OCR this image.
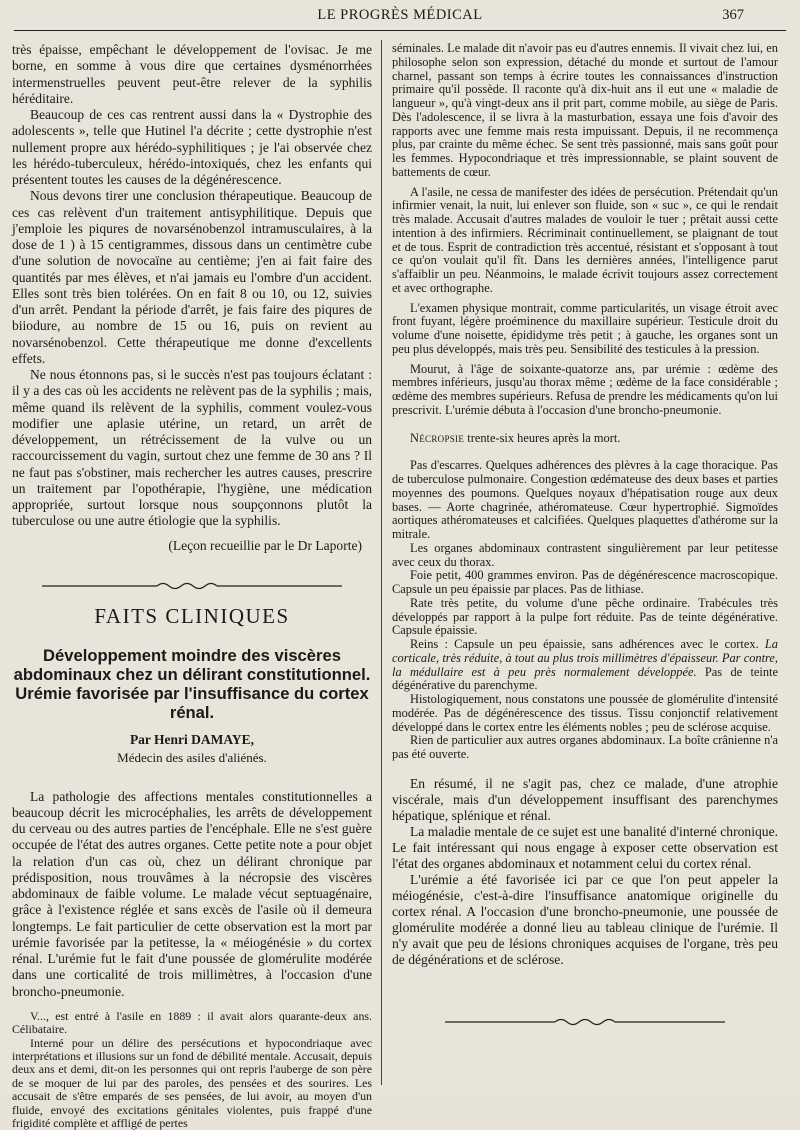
LE PROGRÈS MÉDICAL	367

très épaisse, empêchant le développement de l'ovisac. Je me borne, en somme à vous dire que certaines dysménorrhées intermenstruelles peuvent peut-être relever de la syphilis héréditaire.

Beaucoup de ces cas rentrent aussi dans la « Dystrophie des adolescents », telle que Hutinel l'a décrite ; cette dystrophie n'est nullement propre aux hérédo-syphilitiques ; je l'ai observée chez les hérédo-tuberculeux, hérédo-intoxiqués, chez les enfants qui présentent toutes les causes de la dégénérescence.

Nous devons tirer une conclusion thérapeutique. Beaucoup de ces cas relèvent d'un traitement antisyphilitique. Depuis que j'emploie les piqures de novarsénobenzol intramusculaires, à la dose de 1 ) à 15 centigrammes, dissous dans un centimètre cube d'une solution de novocaïne au centième; j'en ai fait faire des quantités par mes élèves, et n'ai jamais eu l'ombre d'un accident. Elles sont très bien tolérées. On en fait 8 ou 10, ou 12, suivies d'un arrêt. Pendant la période d'arrêt, je fais faire des piqures de biiodure, au nombre de 15 ou 16, puis on revient au novarsénobenzol. Cette thérapeutique me donne d'excellents effets.

Ne nous étonnons pas, si le succès n'est pas toujours éclatant : il y a des cas où les accidents ne relèvent pas de la syphilis ; mais, même quand ils relèvent de la syphilis, comment voulez-vous modifier une aplasie utérine, un retard, un arrêt de développement, un rétrécissement de la vulve ou un raccourcissement du vagin, surtout chez une femme de 30 ans ? Il ne faut pas s'obstiner, mais rechercher les autres causes, prescrire un traitement par l'opothérapie, l'hygiène, une médication appropriée, surtout lorsque nous soupçonnons plutôt la tuberculose ou une autre étiologie que la syphilis.

(Leçon recueillie par le Dr Laporte)

FAITS CLINIQUES
Développement moindre des viscères abdominaux chez un délirant constitutionnel. Urémie favorisée par l'insuffisance du cortex rénal.
Par Henri DAMAYE,
Médecin des asiles d'aliénés.

La pathologie des affections mentales constitutionnelles a beaucoup décrit les microcéphalies, les arrêts de développement du cerveau ou des autres parties de l'encéphale. Elle ne s'est guère occupée de l'état des autres organes. Cette petite note a pour objet la relation d'un cas où, chez un délirant chronique par prédisposition, nous trouvâmes à la nécropsie des viscères abdominaux de faible volume. Le malade vécut septuagénaire, grâce à l'existence réglée et sans excès de l'asile où il demeura longtemps. Le fait particulier de cette observation est la mort par urémie favorisée par la petitesse, la « méiogénésie » du cortex rénal. L'urémie fut le fait d'une poussée de glomérulite modérée dans une corticalité de trois millimètres, à l'occasion d'une broncho-pneumonie.

V..., est entré à l'asile en 1889 : il avait alors quarante-deux ans. Célibataire.

Interné pour un délire des persécutions et hypocondriaque avec interprétations et illusions sur un fond de débilité mentale. Accusait, depuis deux ans et demi, dit-on les personnes qui ont repris l'auberge de son père de se moquer de lui par des paroles, des pensées et des sourires. Les accusait de s'être emparés de ses pensées, de lui avoir, au moyen d'un fluide, envoyé des excitations génitales violentes, puis frappé d'une frigidité complète et affligé de pertes

séminales. Le malade dit n'avoir pas eu d'autres ennemis. Il vivait chez lui, en philosophe selon son expression, détaché du monde et surtout de l'amour charnel, passant son temps à écrire toutes les connaissances d'instruction primaire qu'il possède. Il raconte qu'à dix-huit ans il eut une « maladie de langueur », qu'à vingt-deux ans il prit part, comme mobile, au siège de Paris. Dès l'adolescence, il se livra à la masturbation, essaya une fois d'avoir des rapports avec une femme mais resta impuissant. Depuis, il ne recommença plus, par crainte du même échec. Se sent très passionné, mais sans goût pour les femmes. Hypocondriaque et très impressionnable, se plaint souvent de battements de cœur.

A l'asile, ne cessa de manifester des idées de persécution. Prétendait qu'un infirmier venait, la nuit, lui enlever son fluide, son « suc », ce qui le rendait très malade. Accusait d'autres malades de vouloir le tuer ; prêtait aussi cette intention à des infirmiers. Récriminait continuellement, se plaignant de tout et de tous. Esprit de contradiction très accentué, résistant et s'opposant à tout ce qu'on voulait qu'il fît. Dans les dernières années, l'intelligence parut s'affaiblir un peu. Néanmoins, le malade écrivit toujours assez correctement et avec orthographe.

L'examen physique montrait, comme particularités, un visage étroit avec front fuyant, légère proéminence du maxillaire supérieur. Testicule droit du volume d'une noisette, épididyme très petit ; à gauche, les organes sont un peu plus développés, mais très peu. Sensibilité des testicules à la pression.

Mourut, à l'âge de soixante-quatorze ans, par urémie : œdème des membres inférieurs, jusqu'au thorax même ; œdème de la face considérable ; œdème des membres supérieurs. Refusa de prendre les médicaments qu'on lui prescrivit. L'urémie débuta à l'occasion d'une broncho-pneumonie.

Nécropsie trente-six heures après la mort.

Pas d'escarres. Quelques adhérences des plèvres à la cage thoracique. Pas de tuberculose pulmonaire. Congestion œdémateuse des deux bases et parties moyennes des poumons. Quelques noyaux d'hépatisation rouge aux deux bases. — Aorte chagrinée, athéromateuse. Cœur hypertrophié. Sigmoïdes aortiques athéromateuses et calcifiées. Quelques plaquettes d'athérome sur la mitrale.

Les organes abdominaux contrastent singulièrement par leur petitesse avec ceux du thorax.

Foie petit, 400 grammes environ. Pas de dégénérescence macroscopique. Capsule un peu épaissie par places. Pas de lithiase.

Rate très petite, du volume d'une pêche ordinaire. Trabécules très développés par rapport à la pulpe fort réduite. Pas de teinte dégénérative. Capsule épaissie.

Reins : Capsule un peu épaissie, sans adhérences avec le cortex. La corticale, très réduite, à tout au plus trois millimètres d'épaisseur. Par contre, la médullaire est à peu près normalement développée. Pas de teinte dégénérative du parenchyme.

Histologiquement, nous constatons une poussée de glomérulite d'intensité modérée. Pas de dégénérescence des tissus. Tissu conjonctif relativement développé dans le cortex entre les éléments nobles ; peu de sclérose acquise.

Rien de particulier aux autres organes abdominaux. La boîte crânienne n'a pas été ouverte.

En résumé, il ne s'agit pas, chez ce malade, d'une atrophie viscérale, mais d'un développement insuffisant des parenchymes hépatique, splénique et rénal.

La maladie mentale de ce sujet est une banalité d'interné chronique. Le fait intéressant qui nous engage à exposer cette observation est l'état des organes abdominaux et notamment celui du cortex rénal.

L'urémie a été favorisée ici par ce que l'on peut appeler la méiogénésie, c'est-à-dire l'insuffisance anatomique originelle du cortex rénal. A l'occasion d'une broncho-pneumonie, une poussée de glomérulite modérée a donné lieu au tableau clinique de l'urémie. Il n'y avait que peu de lésions chroniques acquises de l'organe, très peu de dégénérations et de sclérose.
